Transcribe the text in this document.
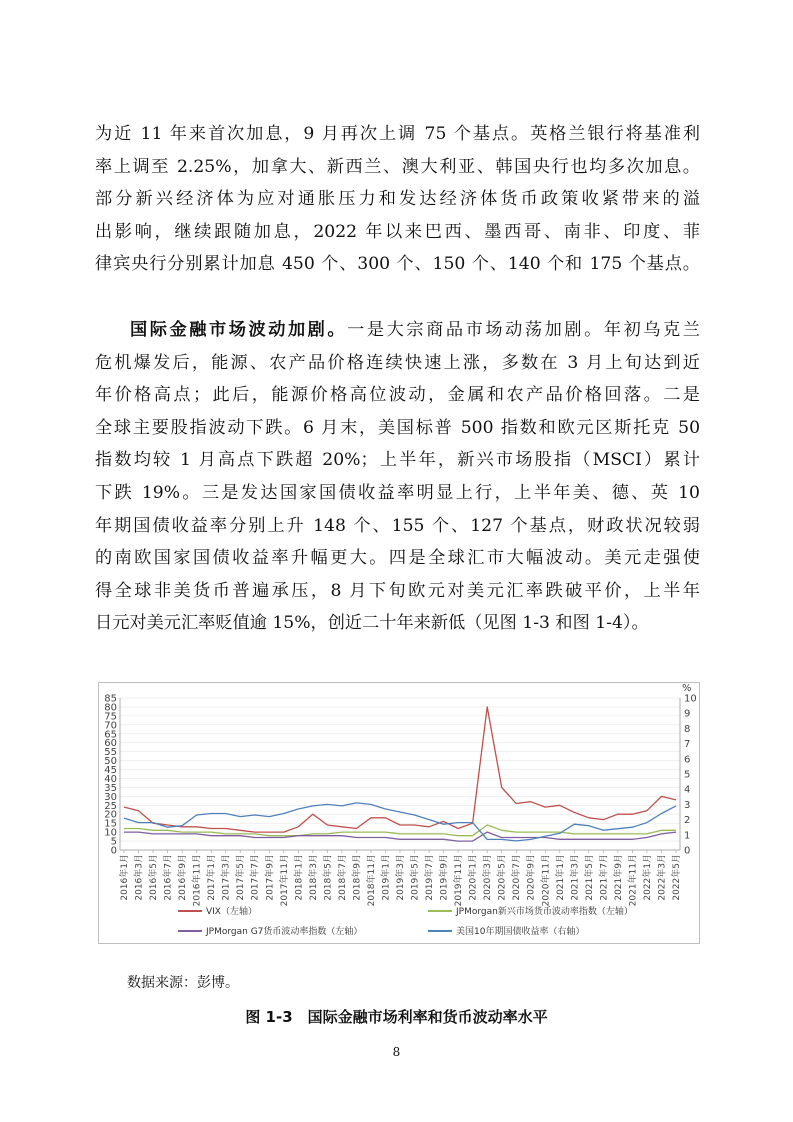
为近 11 年来首次加息，9 月再次上调 75 个基点。英格兰银行将基准利
率上调至 2.25%，加拿大、新西兰、澳大利亚、韩国央行也均多次加息。
部分新兴经济体为应对通胀压力和发达经济体货币政策收紧带来的溢
出影响，继续跟随加息，2022 年以来巴西、墨西哥、南非、印度、菲
律宾央行分别累计加息 450 个、300 个、150 个、140 个和 175 个基点。
国际金融市场波动加剧。一是大宗商品市场动荡加剧。年初乌克兰
危机爆发后，能源、农产品价格连续快速上涨，多数在 3 月上旬达到近
年价格高点；此后，能源价格高位波动，金属和农产品价格回落。二是
全球主要股指波动下跌。6 月末，美国标普 500 指数和欧元区斯托克 50
指数均较 1 月高点下跌超 20%；上半年，新兴市场股指（MSCI）累计
下跌 19%。三是发达国家国债收益率明显上行，上半年美、德、英 10
年期国债收益率分别上升 148 个、155 个、127 个基点，财政状况较弱
的南欧国家国债收益率升幅更大。四是全球汇市大幅波动。美元走强使
得全球非美货币普遍承压，8 月下旬欧元对美元汇率跌破平价，上半年
日元对美元汇率贬值逾 15%，创近二十年来新低（见图 1-3 和图 1-4）。
0
5
10
15
20
25
30
35
40
45
50
55
60
65
70
75
80
85
0
1
2
3
4
5
6
7
8
9
10
%
2016年1月 2016年3月 2016年5月 2016年7月 2016年9月 2016年11月 2017年1月 2017年3月 2017年5月 2017年7月 2017年9月 2017年11月 2018年1月 2018年3月 2018年5月 2018年7月 2018年9月 2018年11月 2019年1月 2019年3月 2019年5月 2019年7月 2019年9月 2019年11月 2020年1月 2020年3月 2020年5月 2020年7月 2020年9月 2020年11月 2021年1月 2021年3月 2021年5月 2021年7月 2021年9月 2021年11月 2022年1月 2022年3月 2022年5月
VIX（左轴）	JPMorgan新兴市场货币波动率指数（左轴）
JPMorgan G7货币波动率指数（左轴）	美国10年期国债收益率（右轴）
数据来源：彭博。
图 1-3　国际金融市场利率和货币波动率水平
8
